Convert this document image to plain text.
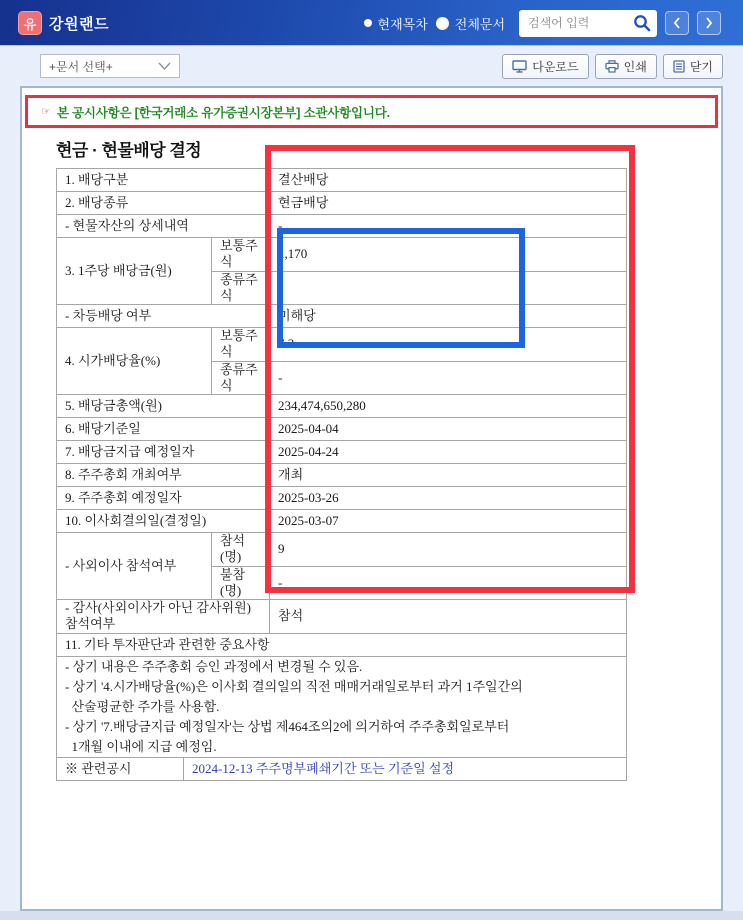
유 강원랜드	현재목차 전체문서
검색어 입력
+문서 선택+	다운로드	인쇄	닫기
☞ 본 공시사항은 [한국거래소 유가증권시장본부] 소관사항입니다.
현금 · 현물배당 결정
1. 배당구분		결산배당
2. 배당종류		현금배당
- 현물자산의 상세내역		-
3. 1주당 배당금(원)	보통주식	1,170
	종류주식	-
- 차등배당 여부		미해당
4. 시가배당율(%)	보통주식	7.3
	종류주식	-
5. 배당금총액(원)		234,474,650,280
6. 배당기준일		2025-04-04
7. 배당금지급 예정일자		2025-04-24
8. 주주총회 개최여부		개최
9. 주주총회 예정일자		2025-03-26
10. 이사회결의일(결정일)		2025-03-07
- 사외이사 참석여부	참석(명)	9
	불참(명)	-
- 감사(사외이사가 아닌 감사위원) 참석여부		참석
11. 기타 투자판단과 관련한 중요사항

- 상기 내용은 주주총회 승인 과정에서 변경될 수 있음.
- 상기 '4.시가배당율(%)은 이사회 결의일의 직전 매매거래일로부터 과거 1주일간의
산술평균한 주가를 사용함.
- 상기 '7.배당금지급 예정일자'는 상법 제464조의2에 의거하여 주주총회일로부터
1개월 이내에 지급 예정임.

※ 관련공시	2024-12-13 주주명부폐쇄기간 또는 기준일 설정
